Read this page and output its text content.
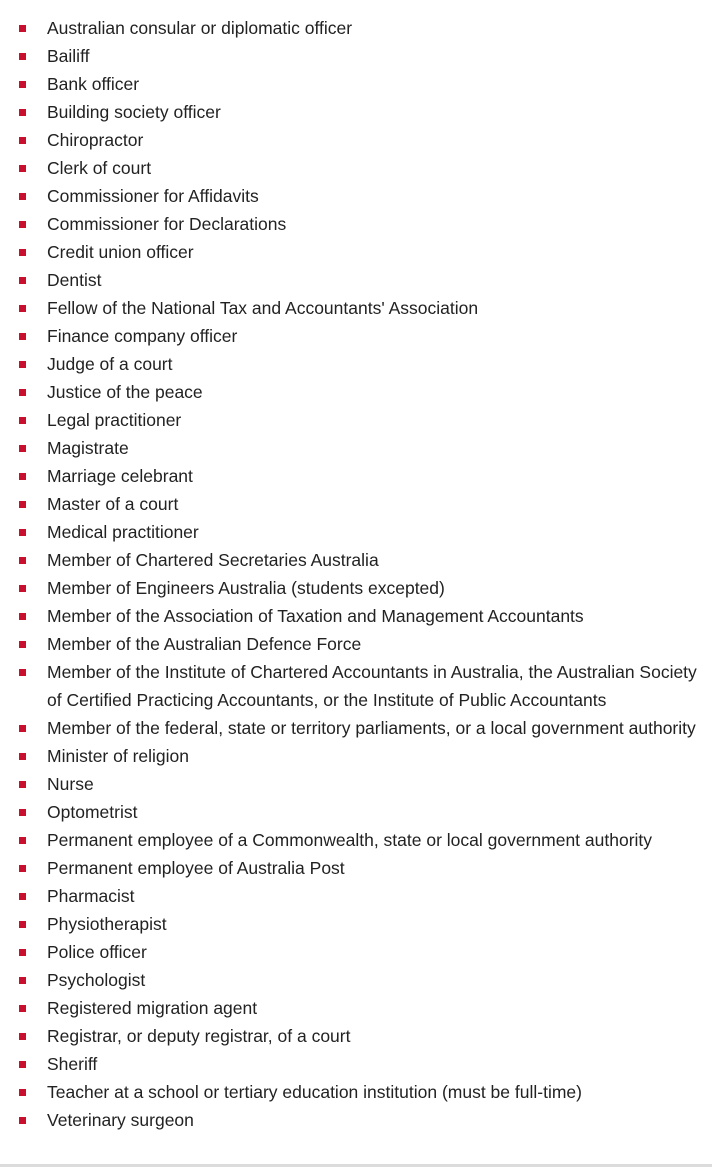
Australian consular or diplomatic officer
Bailiff
Bank officer
Building society officer
Chiropractor
Clerk of court
Commissioner for Affidavits
Commissioner for Declarations
Credit union officer
Dentist
Fellow of the National Tax and Accountants' Association
Finance company officer
Judge of a court
Justice of the peace
Legal practitioner
Magistrate
Marriage celebrant
Master of a court
Medical practitioner
Member of Chartered Secretaries Australia
Member of Engineers Australia (students excepted)
Member of the Association of Taxation and Management Accountants
Member of the Australian Defence Force
Member of the Institute of Chartered Accountants in Australia, the Australian Society of Certified Practicing Accountants, or the Institute of Public Accountants
Member of the federal, state or territory parliaments, or a local government authority
Minister of religion
Nurse
Optometrist
Permanent employee of a Commonwealth, state or local government authority
Permanent employee of Australia Post
Pharmacist
Physiotherapist
Police officer
Psychologist
Registered migration agent
Registrar, or deputy registrar, of a court
Sheriff
Teacher at a school or tertiary education institution (must be full-time)
Veterinary surgeon
